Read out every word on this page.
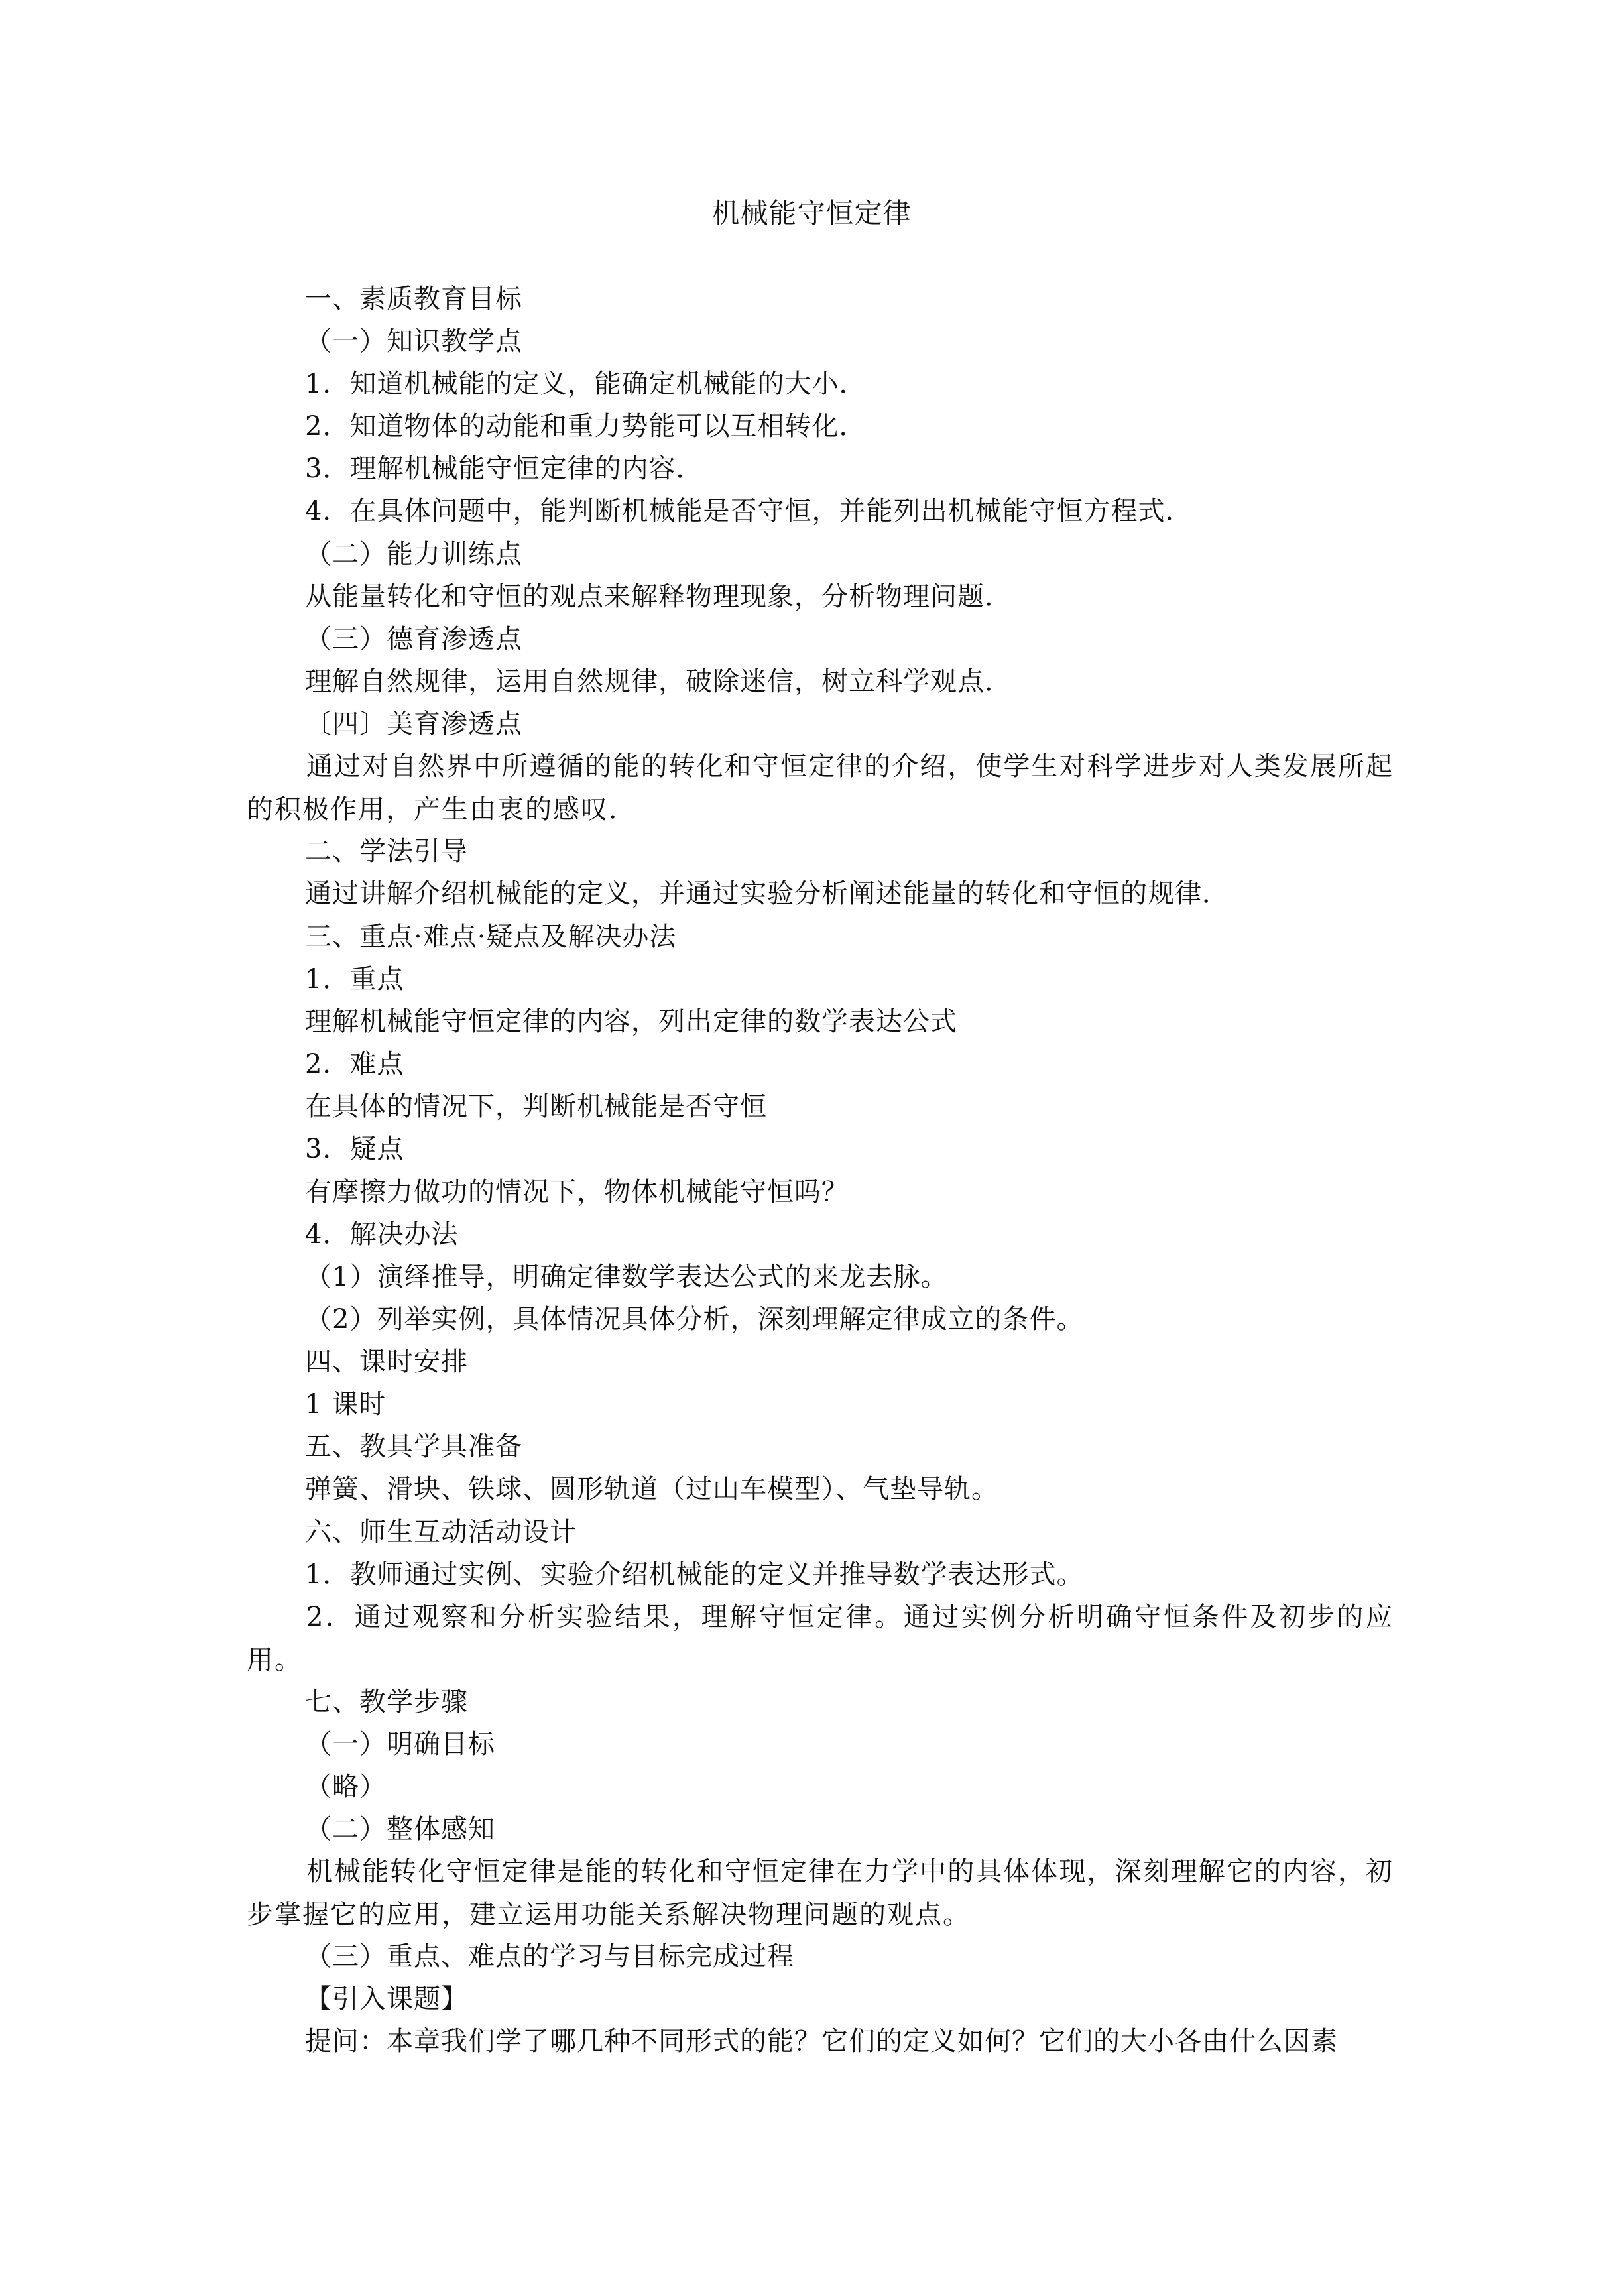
机械能守恒定律
一、素质教育目标
（一）知识教学点
1．知道机械能的定义，能确定机械能的大小．
2．知道物体的动能和重力势能可以互相转化．
3．理解机械能守恒定律的内容．
4．在具体问题中，能判断机械能是否守恒，并能列出机械能守恒方程式．
（二）能力训练点
从能量转化和守恒的观点来解释物理现象，分析物理问题．
（三）德育渗透点
理解自然规律，运用自然规律，破除迷信，树立科学观点．
〔四〕美育渗透点
通过对自然界中所遵循的能的转化和守恒定律的介绍，使学生对科学进步对人类发展所起的积极作用，产生由衷的感叹．
二、学法引导
通过讲解介绍机械能的定义，并通过实验分析阐述能量的转化和守恒的规律．
三、重点·难点·疑点及解决办法
1．重点
理解机械能守恒定律的内容，列出定律的数学表达公式
2．难点
在具体的情况下，判断机械能是否守恒
3．疑点
有摩擦力做功的情况下，物体机械能守恒吗？
4．解决办法
（1）演绎推导，明确定律数学表达公式的来龙去脉。
（2）列举实例，具体情况具体分析，深刻理解定律成立的条件。
四、课时安排
1 课时
五、教具学具准备
弹簧、滑块、铁球、圆形轨道（过山车模型）、气垫导轨。
六、师生互动活动设计
1．教师通过实例、实验介绍机械能的定义并推导数学表达形式。
2．通过观察和分析实验结果，理解守恒定律。通过实例分析明确守恒条件及初步的应用。
七、教学步骤
（一）明确目标
（略）
（二）整体感知
机械能转化守恒定律是能的转化和守恒定律在力学中的具体体现，深刻理解它的内容，初步掌握它的应用，建立运用功能关系解决物理问题的观点。
（三）重点、难点的学习与目标完成过程
【引入课题】
提问：本章我们学了哪几种不同形式的能？它们的定义如何？它们的大小各由什么因素
